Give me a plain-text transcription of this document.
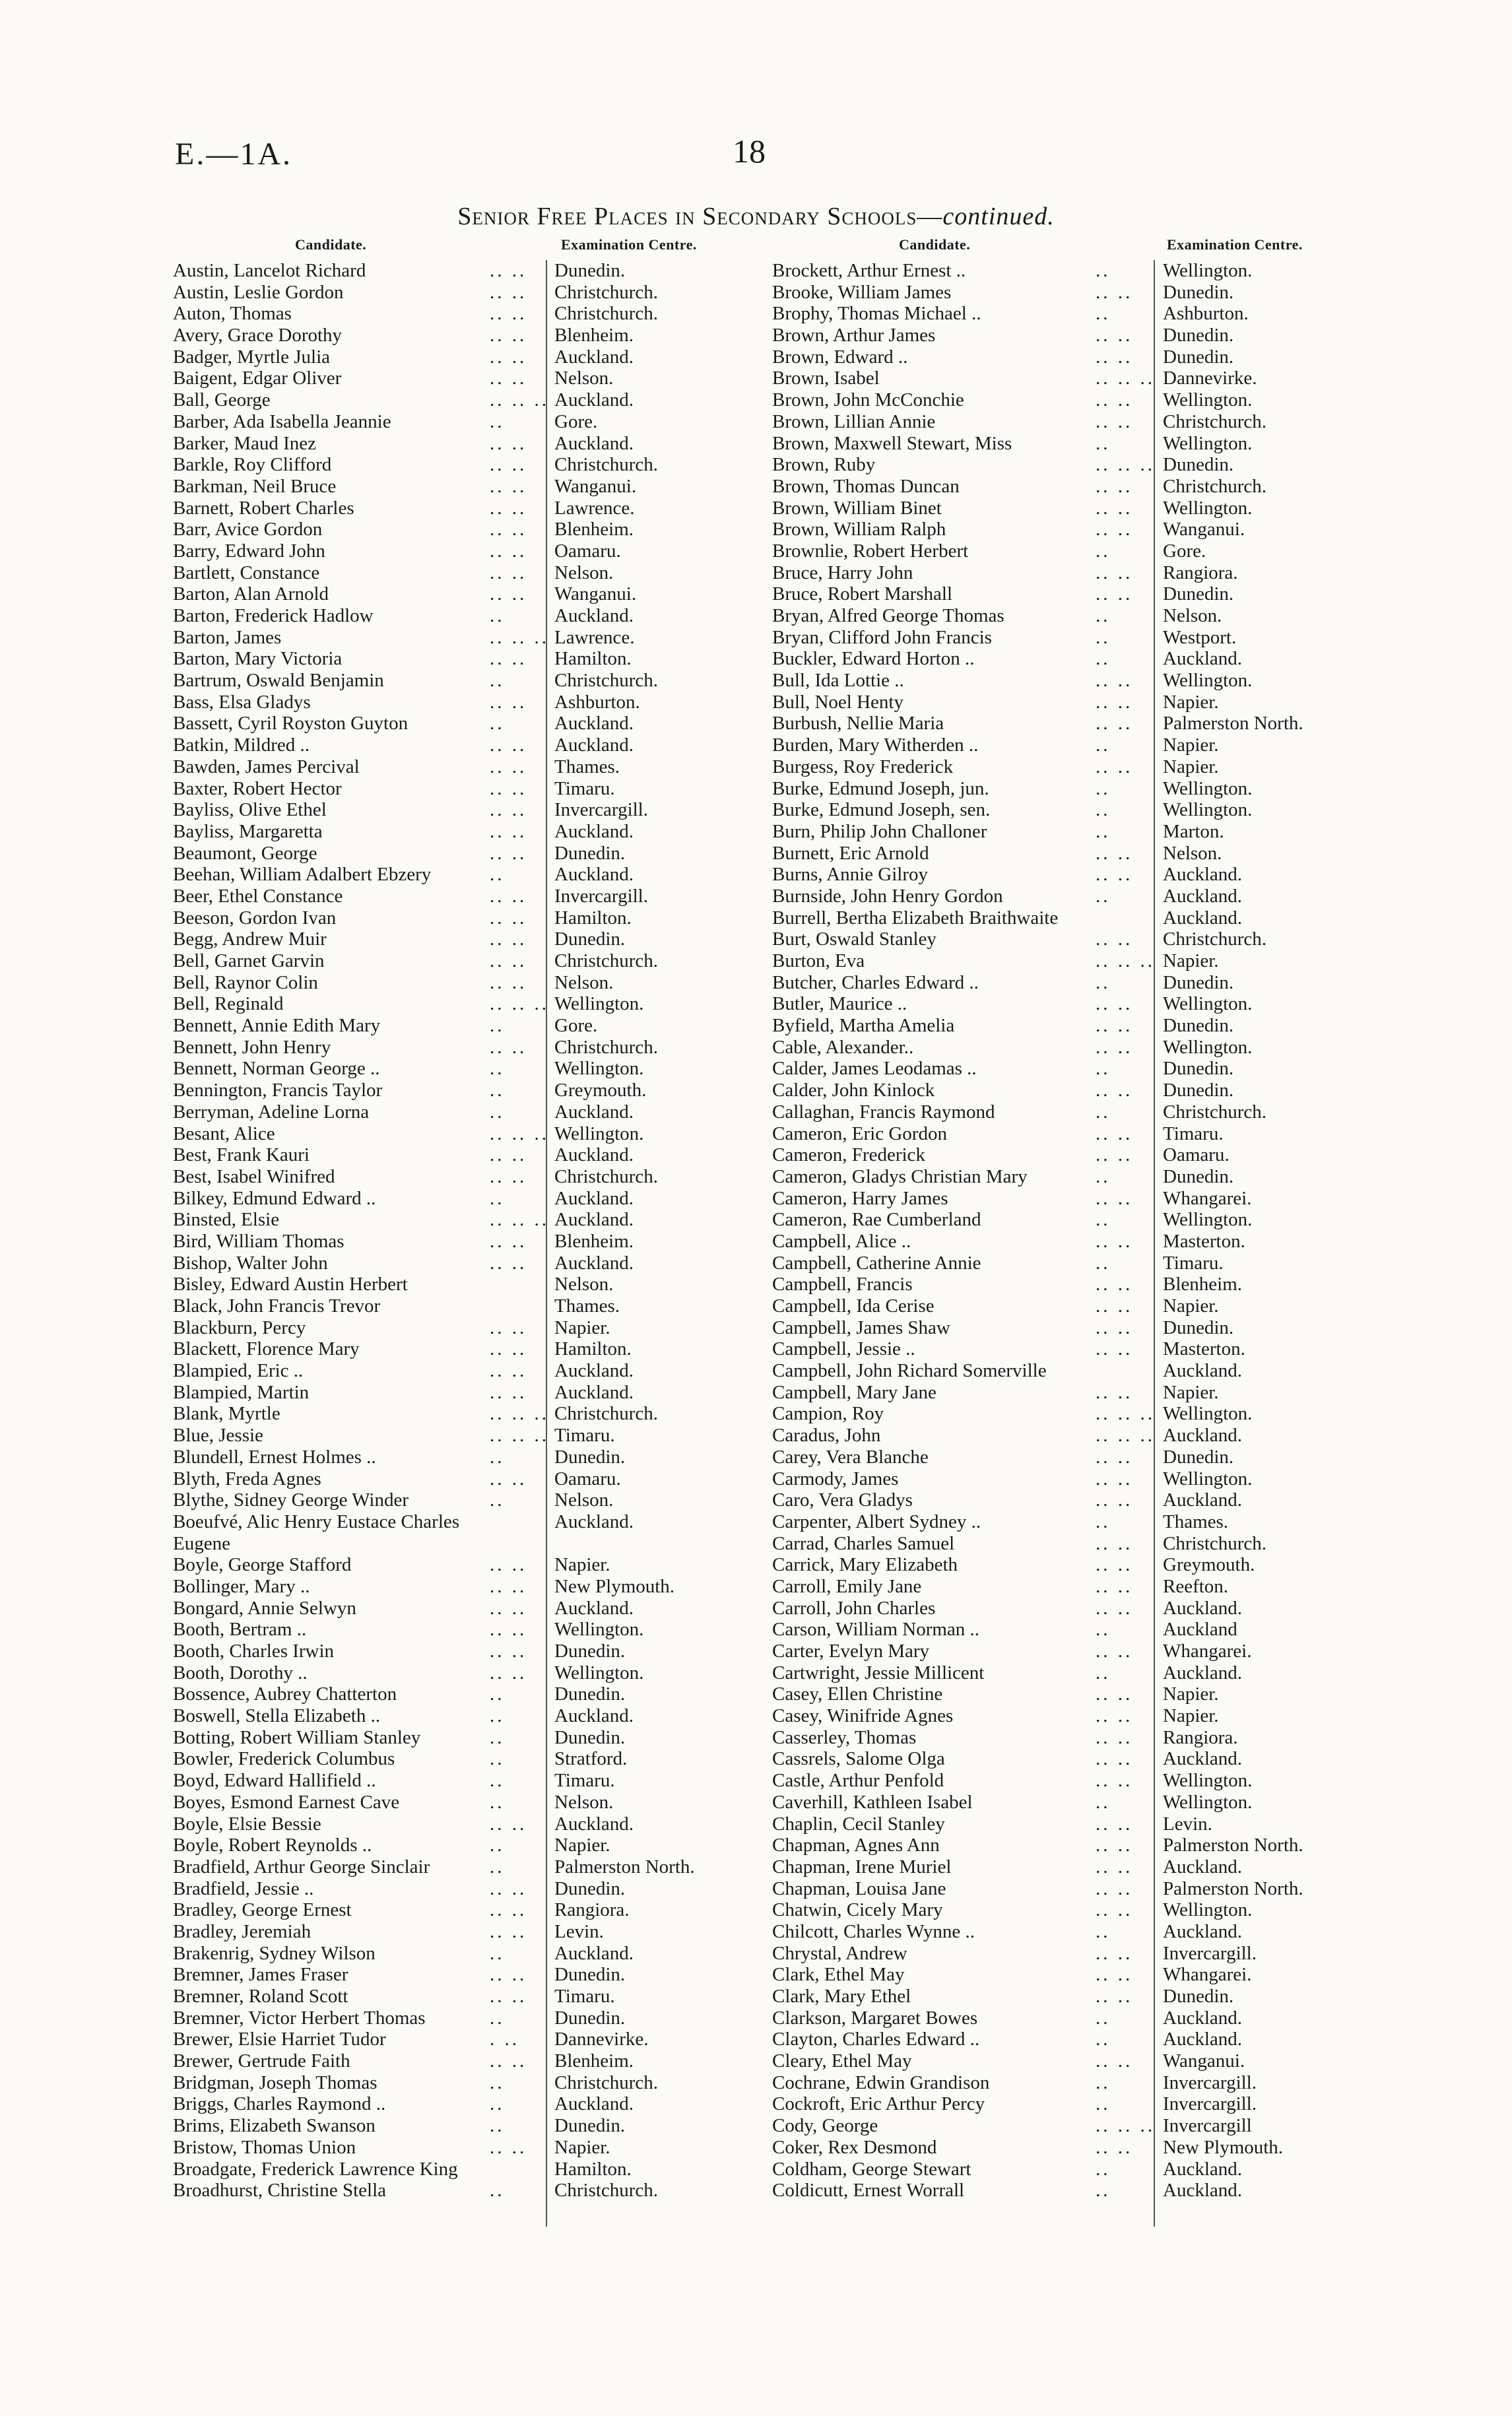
E.—1A.	18
Senior Free Places in Secondary Schools—continued.
Candidate.	Examination Centre.	Candidate.	Examination Centre.
Austin, Lancelot Richard	.. .. Dunedin.
Austin, Leslie Gordon	.. .. Christchurch.
Auton, Thomas	.. .. Christchurch.
Avery, Grace Dorothy	.. .. Blenheim.
Badger, Myrtle Julia	.. .. Auckland.
Baigent, Edgar Oliver	.. .. Nelson.
Ball, George	.. .. .. Auckland.
Barber, Ada Isabella Jeannie	..	Gore.
Barker, Maud Inez	.. .. Auckland.
Barkle, Roy Clifford	.. .. Christchurch.
Barkman, Neil Bruce	.. .. Wanganui.
Barnett, Robert Charles	.. .. Lawrence.
Barr, Avice Gordon	.. .. Blenheim.
Barry, Edward John	.. .. Oamaru.
Bartlett, Constance	.. .. Nelson.
Barton, Alan Arnold	.. .. Wanganui.
Barton, Frederick Hadlow	..	Auckland.
Barton, James	.. .. .. Lawrence.
Barton, Mary Victoria	.. .. Hamilton.
Bartrum, Oswald Benjamin	..	Christchurch.
Bass, Elsa Gladys	.. .. Ashburton.
Bassett, Cyril Royston Guyton	..	Auckland.
Batkin, Mildred ..	.. .. Auckland.
Bawden, James Percival	.. .. Thames.
Baxter, Robert Hector	.. .. Timaru.
Bayliss, Olive Ethel	.. .. Invercargill.
Bayliss, Margaretta	.. .. Auckland.
Beaumont, George	.. .. Dunedin.
Beehan, William Adalbert Ebzery	..	Auckland.
Beer, Ethel Constance	.. .. Invercargill.
Beeson, Gordon Ivan	.. .. Hamilton.
Begg, Andrew Muir	.. .. Dunedin.
Bell, Garnet Garvin	.. .. Christchurch.
Bell, Raynor Colin	.. .. Nelson.
Bell, Reginald	.. .. .. Wellington.
Bennett, Annie Edith Mary	..	Gore.
Bennett, John Henry	.. .. Christchurch.
Bennett, Norman George ..	..	Wellington.
Bennington, Francis Taylor	..	Greymouth.
Berryman, Adeline Lorna	..	Auckland.
Besant, Alice	.. .. .. Wellington.
Best, Frank Kauri	.. .. Auckland.
Best, Isabel Winifred	.. .. Christchurch.
Bilkey, Edmund Edward ..	..	Auckland.
Binsted, Elsie	.. .. .. Auckland.
Bird, William Thomas	.. .. Blenheim.
Bishop, Walter John	.. .. Auckland.
Bisley, Edward Austin Herbert	Nelson.
Black, John Francis Trevor	Thames.
Blackburn, Percy	.. .. Napier.
Blackett, Florence Mary	.. .. Hamilton.
Blampied, Eric ..	.. .. Auckland.
Blampied, Martin	.. .. Auckland.
Blank, Myrtle	.. .. .. Christchurch.
Blue, Jessie	.. .. .. Timaru.
Blundell, Ernest Holmes ..	..	Dunedin.
Blyth, Freda Agnes	.. .. Oamaru.
Blythe, Sidney George Winder	..	Nelson.
Boeufvé, Alic Henry Eustace Charles	Auckland.
Eugene
Boyle, George Stafford	.. .. Napier.
Bollinger, Mary ..	.. .. New Plymouth.
Bongard, Annie Selwyn	.. .. Auckland.
Booth, Bertram ..	.. .. Wellington.
Booth, Charles Irwin	.. .. Dunedin.
Booth, Dorothy ..	.. .. Wellington.
Bossence, Aubrey Chatterton	..	Dunedin.
Boswell, Stella Elizabeth ..	..	Auckland.
Botting, Robert William Stanley	..	Dunedin.
Bowler, Frederick Columbus	..	Stratford.
Boyd, Edward Hallifield ..	..	Timaru.
Boyes, Esmond Earnest Cave	..	Nelson.
Boyle, Elsie Bessie	.. .. Auckland.
Boyle, Robert Reynolds ..	..	Napier.
Bradfield, Arthur George Sinclair	..	Palmerston North.
Bradfield, Jessie ..	.. .. Dunedin.
Bradley, George Ernest	.. .. Rangiora.
Bradley, Jeremiah	.. .. Levin.
Brakenrig, Sydney Wilson	..	Auckland.
Bremner, James Fraser	.. .. Dunedin.
Bremner, Roland Scott	.. .. Timaru.
Bremner, Victor Herbert Thomas	..	Dunedin.
Brewer, Elsie Harriet Tudor	. .. Dannevirke.
Brewer, Gertrude Faith	.. .. Blenheim.
Bridgman, Joseph Thomas	..	Christchurch.
Briggs, Charles Raymond ..	..	Auckland.
Brims, Elizabeth Swanson	..	Dunedin.
Bristow, Thomas Union	.. .. Napier.
Broadgate, Frederick Lawrence King	Hamilton.
Broadhurst, Christine Stella	..	Christchurch.
Brockett, Arthur Ernest ..	..	Wellington.
Brooke, William James	.. .. Dunedin.
Brophy, Thomas Michael ..	..	Ashburton.
Brown, Arthur James	.. .. Dunedin.
Brown, Edward ..	.. .. Dunedin.
Brown, Isabel	.. .. .. Dannevirke.
Brown, John McConchie	.. .. Wellington.
Brown, Lillian Annie	.. .. Christchurch.
Brown, Maxwell Stewart, Miss	..	Wellington.
Brown, Ruby	.. .. .. Dunedin.
Brown, Thomas Duncan	.. .. Christchurch.
Brown, William Binet	.. .. Wellington.
Brown, William Ralph	.. .. Wanganui.
Brownlie, Robert Herbert	..	Gore.
Bruce, Harry John	.. .. Rangiora.
Bruce, Robert Marshall	.. .. Dunedin.
Bryan, Alfred George Thomas	..	Nelson.
Bryan, Clifford John Francis	..	Westport.
Buckler, Edward Horton ..	..	Auckland.
Bull, Ida Lottie ..	.. .. Wellington.
Bull, Noel Henty	.. .. Napier.
Burbush, Nellie Maria	.. .. Palmerston North.
Burden, Mary Witherden ..	..	Napier.
Burgess, Roy Frederick	.. .. Napier.
Burke, Edmund Joseph, jun.	..	Wellington.
Burke, Edmund Joseph, sen.	..	Wellington.
Burn, Philip John Challoner	..	Marton.
Burnett, Eric Arnold	.. .. Nelson.
Burns, Annie Gilroy	.. .. Auckland.
Burnside, John Henry Gordon	..	Auckland.
Burrell, Bertha Elizabeth Braithwaite	Auckland.
Burt, Oswald Stanley	.. .. Christchurch.
Burton, Eva	.. .. .. Napier.
Butcher, Charles Edward ..	..	Dunedin.
Butler, Maurice ..	.. .. Wellington.
Byfield, Martha Amelia	.. .. Dunedin.
Cable, Alexander..	.. .. Wellington.
Calder, James Leodamas ..	..	Dunedin.
Calder, John Kinlock	.. .. Dunedin.
Callaghan, Francis Raymond	..	Christchurch.
Cameron, Eric Gordon	.. .. Timaru.
Cameron, Frederick	.. .. Oamaru.
Cameron, Gladys Christian Mary	..	Dunedin.
Cameron, Harry James	.. .. Whangarei.
Cameron, Rae Cumberland	..	Wellington.
Campbell, Alice ..	.. .. Masterton.
Campbell, Catherine Annie	..	Timaru.
Campbell, Francis	.. .. Blenheim.
Campbell, Ida Cerise	.. .. Napier.
Campbell, James Shaw	.. .. Dunedin.
Campbell, Jessie ..	.. .. Masterton.
Campbell, John Richard Somerville	Auckland.
Campbell, Mary Jane	.. .. Napier.
Campion, Roy	.. .. .. Wellington.
Caradus, John	.. .. .. Auckland.
Carey, Vera Blanche	.. .. Dunedin.
Carmody, James	.. .. Wellington.
Caro, Vera Gladys	.. .. Auckland.
Carpenter, Albert Sydney ..	..	Thames.
Carrad, Charles Samuel	.. .. Christchurch.
Carrick, Mary Elizabeth	.. .. Greymouth.
Carroll, Emily Jane	.. .. Reefton.
Carroll, John Charles	.. .. Auckland.
Carson, William Norman ..	..	Auckland
Carter, Evelyn Mary	.. .. Whangarei.
Cartwright, Jessie Millicent	..	Auckland.
Casey, Ellen Christine	.. .. Napier.
Casey, Winifride Agnes	.. .. Napier.
Casserley, Thomas	.. .. Rangiora.
Cassrels, Salome Olga	.. .. Auckland.
Castle, Arthur Penfold	.. .. Wellington.
Caverhill, Kathleen Isabel	..	Wellington.
Chaplin, Cecil Stanley	.. .. Levin.
Chapman, Agnes Ann	.. .. Palmerston North.
Chapman, Irene Muriel	.. .. Auckland.
Chapman, Louisa Jane	.. .. Palmerston North.
Chatwin, Cicely Mary	.. .. Wellington.
Chilcott, Charles Wynne ..	..	Auckland.
Chrystal, Andrew	.. .. Invercargill.
Clark, Ethel May	.. .. Whangarei.
Clark, Mary Ethel	.. .. Dunedin.
Clarkson, Margaret Bowes	..	Auckland.
Clayton, Charles Edward ..	..	Auckland.
Cleary, Ethel May	.. .. Wanganui.
Cochrane, Edwin Grandison	..	Invercargill.
Cockroft, Eric Arthur Percy	..	Invercargill.
Cody, George	.. .. .. Invercargill
Coker, Rex Desmond	.. .. New Plymouth.
Coldham, George Stewart	..	Auckland.
Coldicutt, Ernest Worrall	..	Auckland.
